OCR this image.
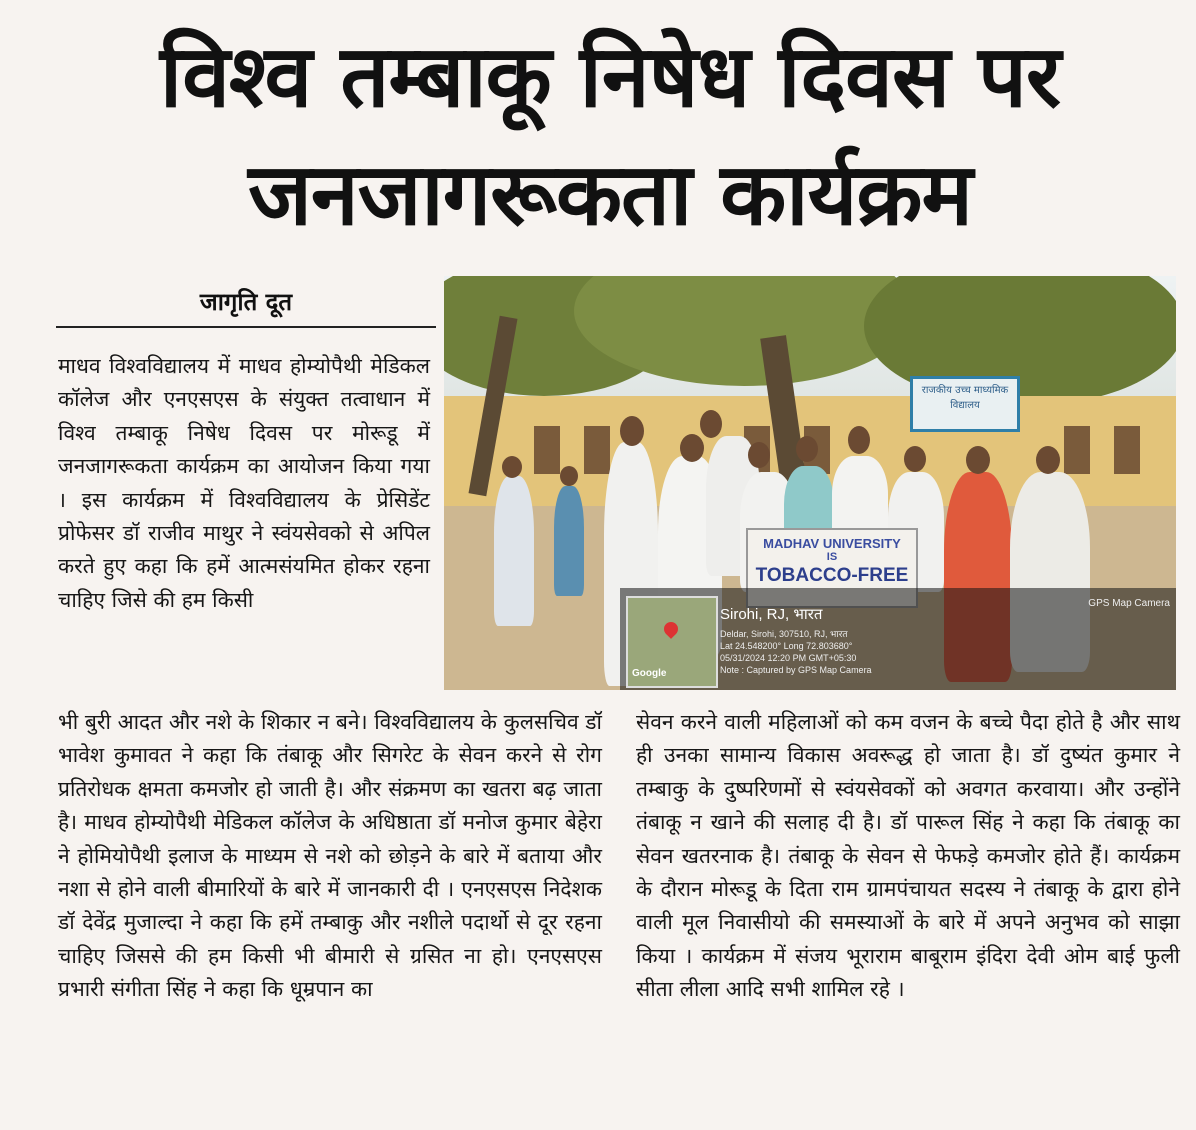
विश्व तम्बाकू निषेध दिवस पर
जनजागरूकता कार्यक्रम
जागृति दूत

माधव विश्वविद्यालय में माधव होम्योपैथी मेडिकल कॉलेज और एनएसएस के संयुक्त तत्वाधान में विश्व तम्बाकू निषेध दिवस पर मोरूडू में जनजागरूकता कार्यक्रम का आयोजन किया गया । इस कार्यक्रम में विश्वविद्यालय के प्रेसिडेंट प्रोफेसर डॉ राजीव माथुर ने स्वंयसेवको से अपिल करते हुए कहा कि हमें आत्मसंयमित होकर रहना चाहिए जिसे की हम किसी

राजकीय उच्च माध्यमिक विद्यालय
MADHAV UNIVERSITY
IS
TOBACCO-FREE
Google
GPS Map Camera
Sirohi, RJ, भारत
Deldar, Sirohi, 307510, RJ, भारत
Lat 24.548200° Long 72.803680°
05/31/2024 12:20 PM GMT+05:30
Note : Captured by GPS Map Camera

भी बुरी आदत और नशे के शिकार न बने। विश्वविद्यालय के कुलसचिव डॉ भावेश कुमावत ने कहा कि तंबाकू और सिगरेट के सेवन करने से रोग प्रतिरोधक क्षमता कमजोर हो जाती है। और संक्रमण का खतरा बढ़ जाता है। माधव होम्योपैथी मेडिकल कॉलेज के अधिष्ठाता डॉ मनोज कुमार बेहेरा ने होमियोपैथी इलाज के माध्यम से नशे को छोड़ने के बारे में बताया और नशा से होने वाली बीमारियों के बारे में जानकारी दी । एनएसएस निदेशक डॉ देवेंद्र मुजाल्दा ने कहा कि हमें तम्बाकु और नशीले पदार्थो से दूर रहना चाहिए जिससे की हम किसी भी बीमारी से ग्रसित ना हो। एनएसएस प्रभारी संगीता सिंह ने कहा कि धूम्रपान का

सेवन करने वाली महिलाओं को कम वजन के बच्चे पैदा होते है और साथ ही उनका सामान्य विकास अवरूद्ध हो जाता है। डॉ दुष्यंत कुमार ने तम्बाकु के दुष्परिणमों से स्वंयसेवकों को अवगत करवाया। और उन्होंने तंबाकू न खाने की सलाह दी है। डॉ पारूल सिंह ने कहा कि तंबाकू का सेवन खतरनाक है। तंबाकू के सेवन से फेफड़े कमजोर होते हैं। कार्यक्रम के दौरान मोरूडू के दिता राम ग्रामपंचायत सदस्य ने तंबाकू के द्वारा होने वाली मूल निवासीयो की समस्याओं के बारे में अपने अनुभव को साझा किया । कार्यक्रम में संजय भूराराम बाबूराम इंदिरा देवी ओम बाई फुली सीता लीला आदि सभी शामिल रहे ।
